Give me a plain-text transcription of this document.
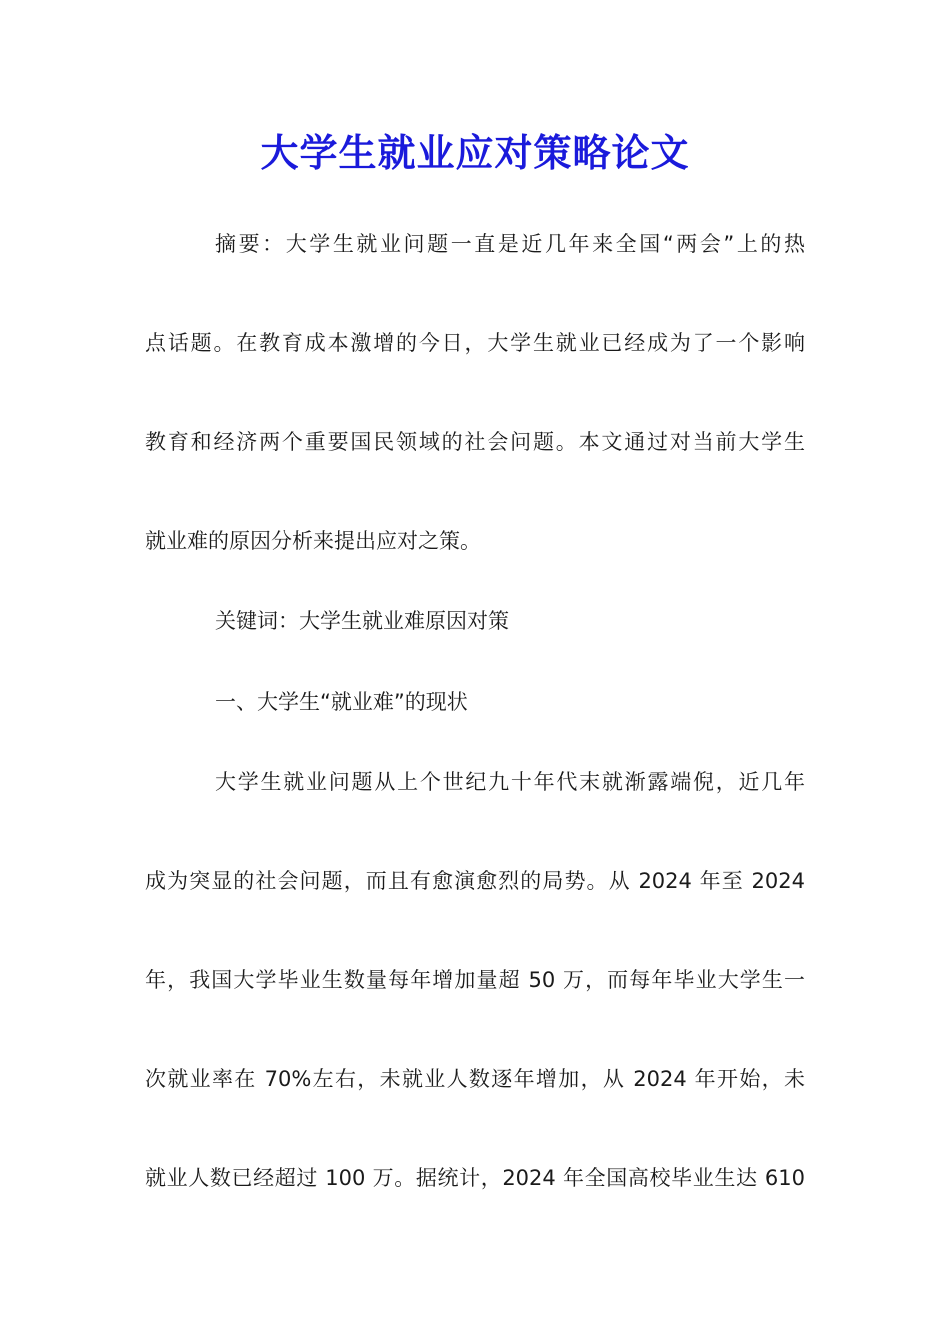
大学生就业应对策略论文

摘要：大学生就业问题一直是近几年来全国“两会”上的热

点话题。在教育成本激增的今日，大学生就业已经成为了一个影响

教育和经济两个重要国民领域的社会问题。本文通过对当前大学生

就业难的原因分析来提出应对之策。

关键词：大学生就业难原因对策

一、大学生“就业难”的现状

大学生就业问题从上个世纪九十年代末就渐露端倪，近几年

成为突显的社会问题，而且有愈演愈烈的局势。从 2024 年至 2024

年，我国大学毕业生数量每年增加量超 50 万，而每年毕业大学生一

次就业率在 70%左右，未就业人数逐年增加，从 2024 年开始，未

就业人数已经超过 100 万。据统计，2024 年全国高校毕业生达 610
